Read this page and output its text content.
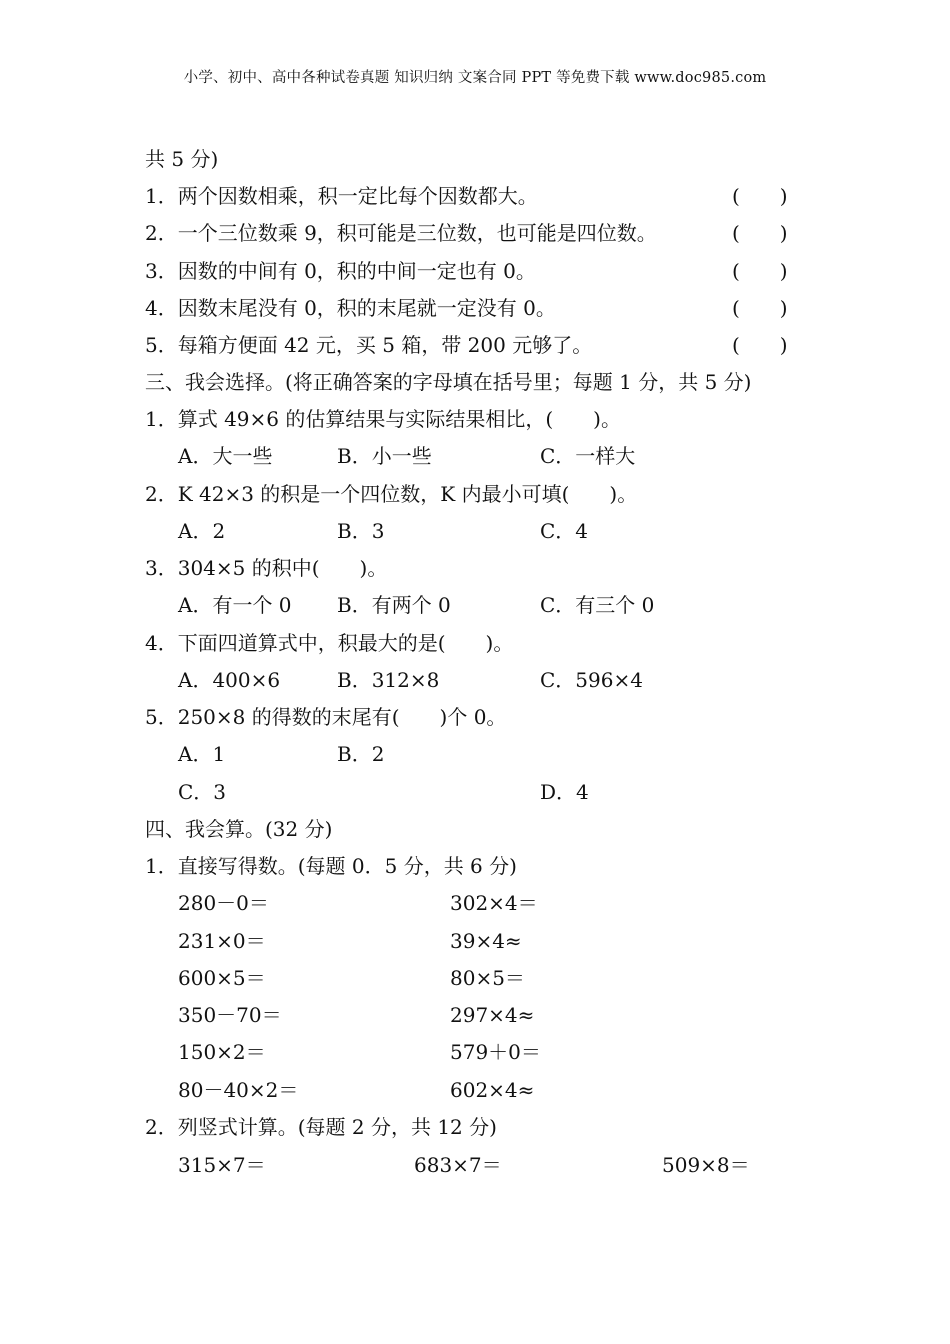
小学、初中、高中各种试卷真题 知识归纳 文案合同 PPT 等免费下载 www.doc985.com
共 5 分)
1．两个因数相乘，积一定比每个因数都大。	(　　)
2．一个三位数乘 9，积可能是三位数，也可能是四位数。	(　　)
3．因数的中间有 0，积的中间一定也有 0。	(　　)
4．因数末尾没有 0，积的末尾就一定没有 0。	(　　)
5．每箱方便面 42 元，买 5 箱，带 200 元够了。	(　　)
三、我会选择。(将正确答案的字母填在括号里；每题 1 分，共 5 分)
1．算式 49×6 的估算结果与实际结果相比，(　　)。
A．大一些	B．小一些	C．一样大
2．K 42×3 的积是一个四位数，K 内最小可填(　　)。
A．2	B．3	C．4
3．304×5 的积中(　　)。
A．有一个 0 B．有两个 0	C．有三个 0
4．下面四道算式中，积最大的是(　　)。
A．400×6	B．312×8	C．596×4
5．250×8 的得数的末尾有(　　)个 0。
A．1	B．2
C．3	D．4
四、我会算。(32 分)
1．直接写得数。(每题 0．5 分，共 6 分)
280－0＝	302×4＝
231×0＝	39×4≈
600×5＝	80×5＝
350－70＝	297×4≈
150×2＝	579＋0＝
80－40×2＝	602×4≈
2．列竖式计算。(每题 2 分，共 12 分)
315×7＝	683×7＝	509×8＝
